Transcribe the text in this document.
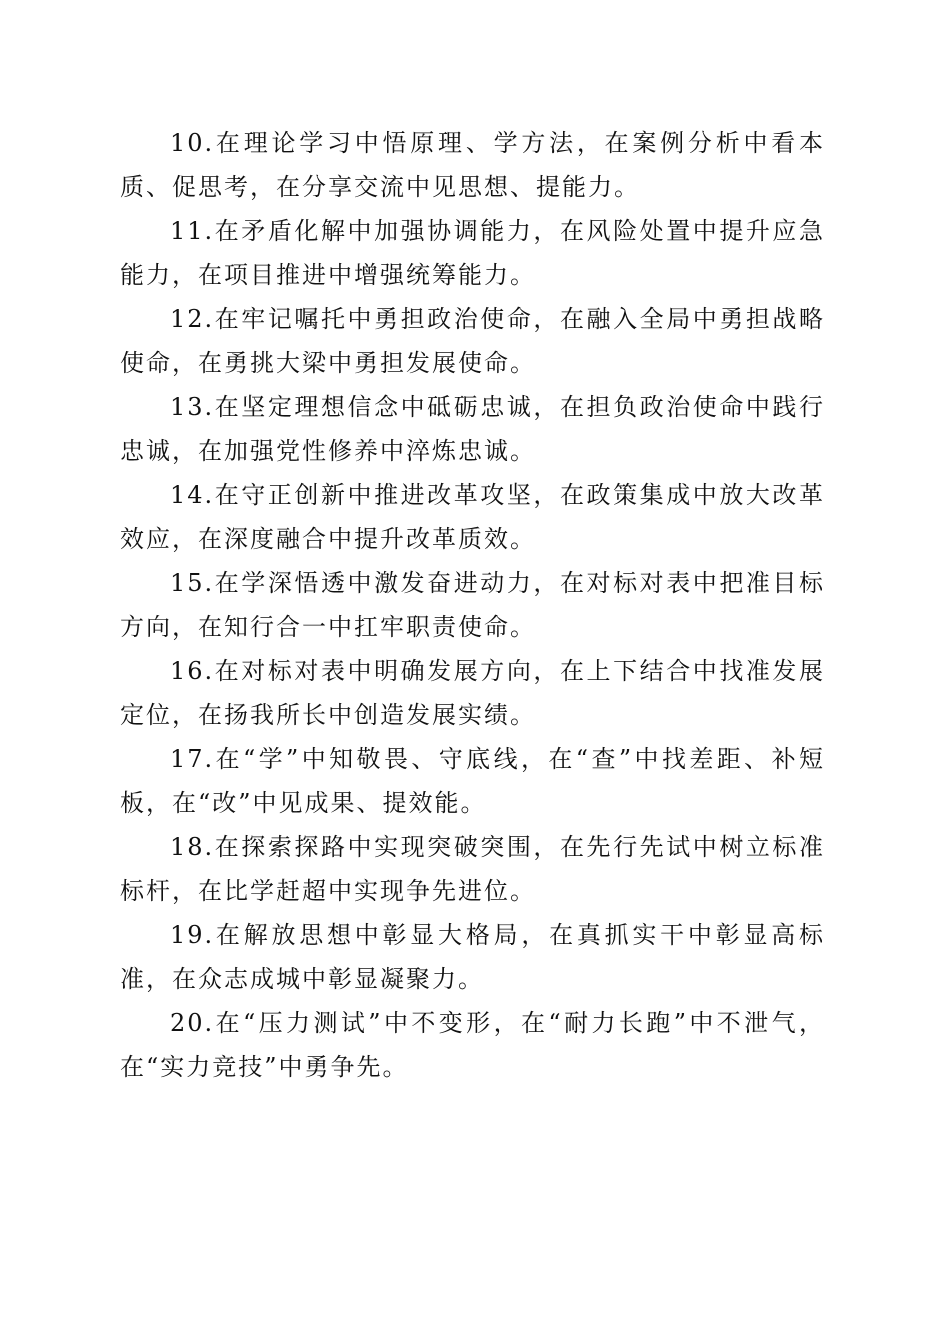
10.在理论学习中悟原理、学方法，在案例分析中看本质、促思考，在分享交流中见思想、提能力。

11.在矛盾化解中加强协调能力，在风险处置中提升应急能力，在项目推进中增强统筹能力。

12.在牢记嘱托中勇担政治使命，在融入全局中勇担战略使命，在勇挑大梁中勇担发展使命。

13.在坚定理想信念中砥砺忠诚，在担负政治使命中践行忠诚，在加强党性修养中淬炼忠诚。

14.在守正创新中推进改革攻坚，在政策集成中放大改革效应，在深度融合中提升改革质效。

15.在学深悟透中激发奋进动力，在对标对表中把准目标方向，在知行合一中扛牢职责使命。

16.在对标对表中明确发展方向，在上下结合中找准发展定位，在扬我所长中创造发展实绩。

17.在“学”中知敬畏、守底线，在“查”中找差距、补短板，在“改”中见成果、提效能。

18.在探索探路中实现突破突围，在先行先试中树立标准标杆，在比学赶超中实现争先进位。

19.在解放思想中彰显大格局，在真抓实干中彰显高标准，在众志成城中彰显凝聚力。

20.在“压力测试”中不变形，在“耐力长跑”中不泄气，在“实力竞技”中勇争先。
